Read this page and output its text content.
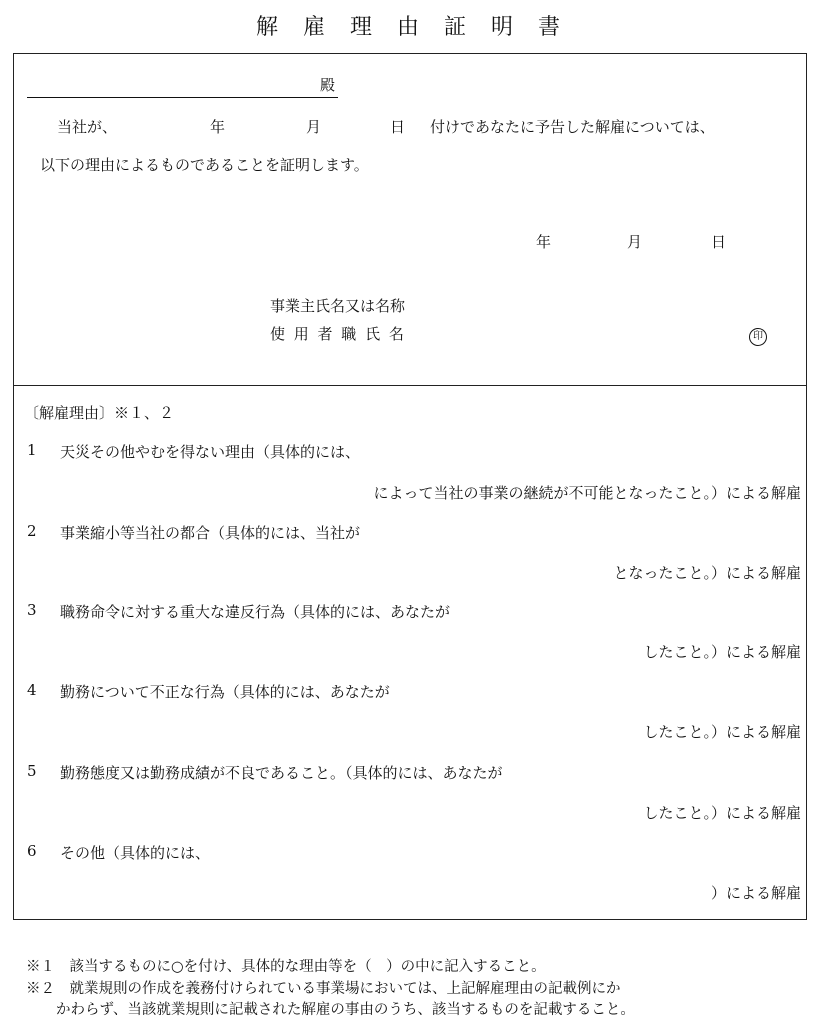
解 雇 理 由 証 明 書
殿
当社が、	年	月	日 付けであなたに予告した解雇については、
以下の理由によるものであることを証明します。
年	月	日
事業主氏名又は名称
使 用 者 職 氏 名	印
〔解雇理由〕※１、２
1 天災その他やむを得ない理由（具体的には、
によって当社の事業の継続が不可能となったこと。）による解雇
2 事業縮小等当社の都合（具体的には、当社が
となったこと。）による解雇
3 職務命令に対する重大な違反行為（具体的には、あなたが
したこと。）による解雇
4 勤務について不正な行為（具体的には、あなたが
したこと。）による解雇
5 勤務態度又は勤務成績が不良であること。（具体的には、あなたが
したこと。）による解雇
6 その他（具体的には、
）による解雇
※１　該当するものに○を付け、具体的な理由等を（　）の中に記入すること。
※２　就業規則の作成を義務付けられている事業場においては、上記解雇理由の記載例にか
かわらず、当該就業規則に記載された解雇の事由のうち、該当するものを記載すること。
